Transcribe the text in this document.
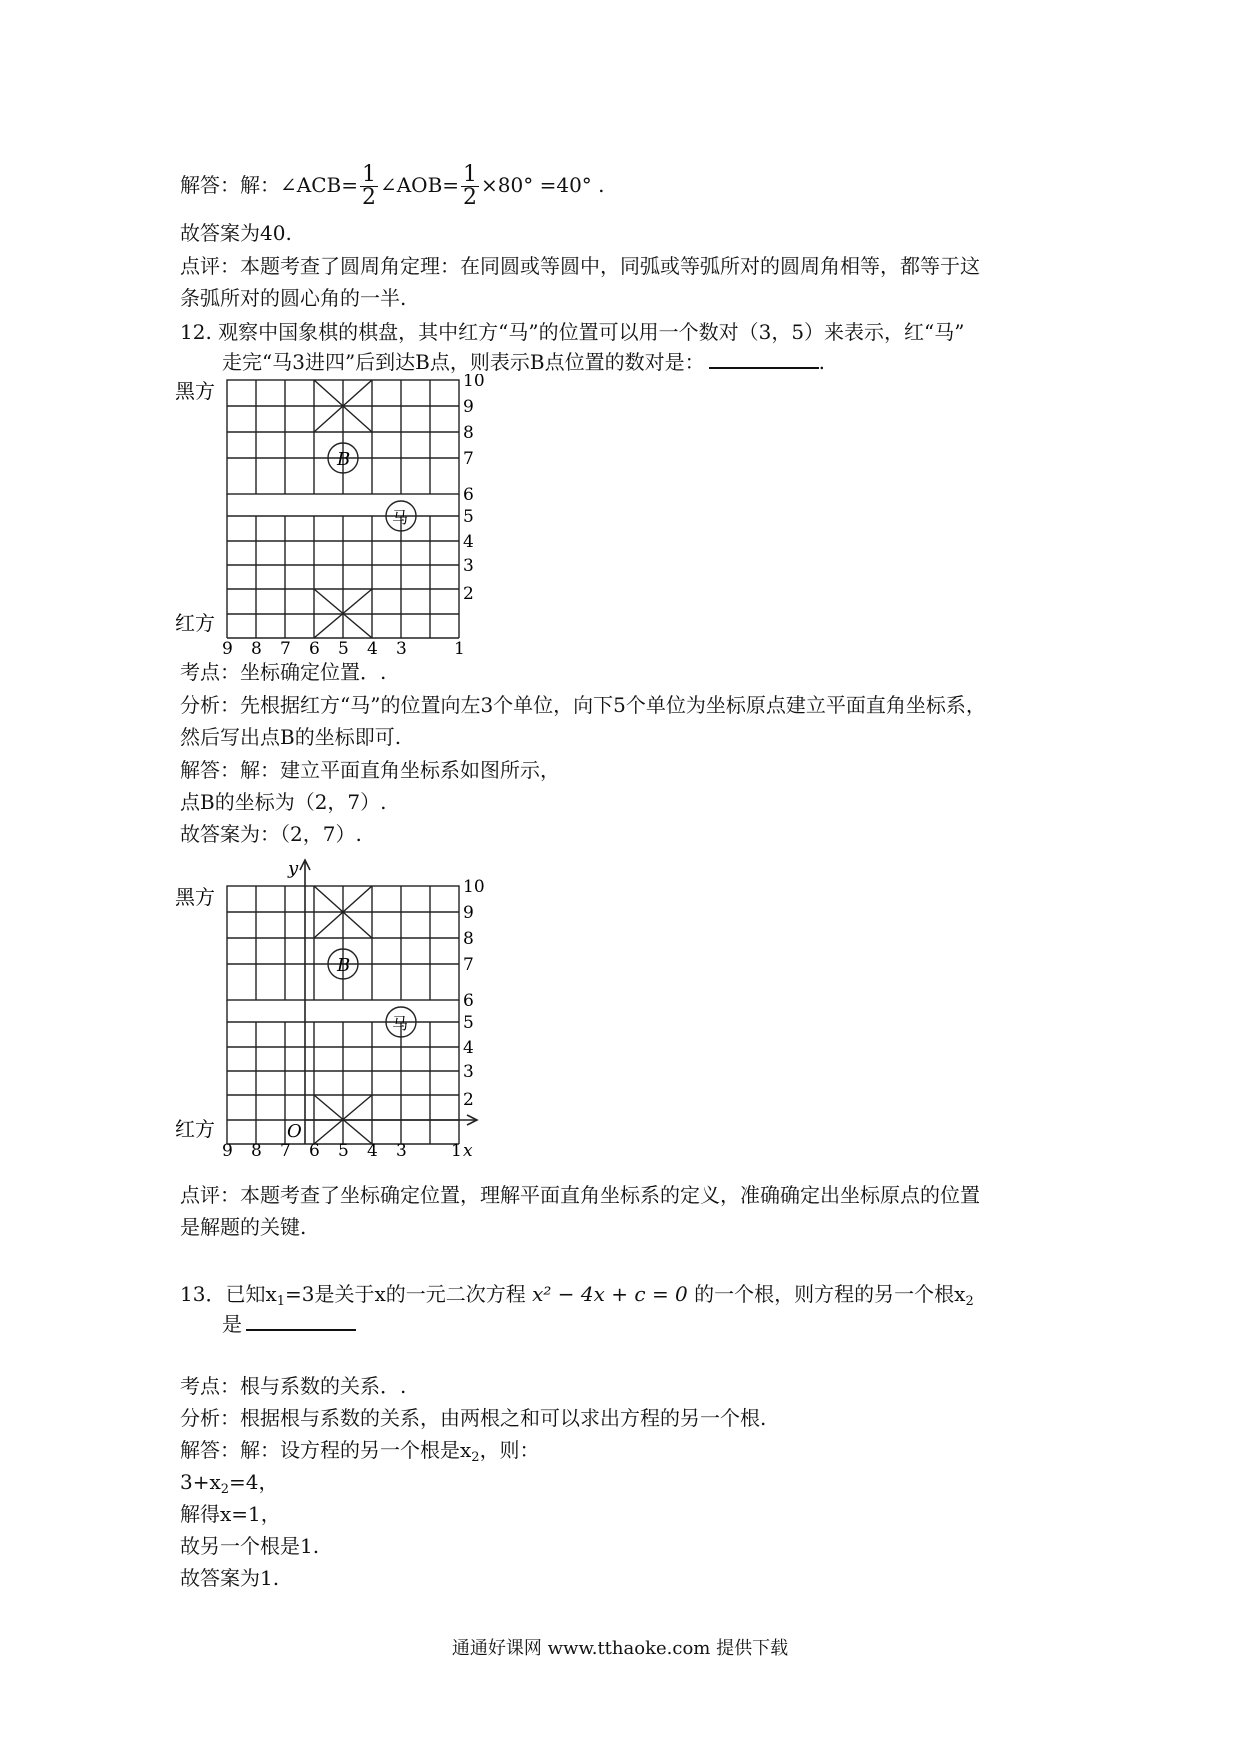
解答：解：∠ACB= $\frac{1}{2}$ ∠AOB= $\frac{1}{2} \times 80^\circ =40^\circ$ .
故答案为40.
点评：本题考查了圆周角定理：在同圆或等圆中，同弧或等弧所对的圆周角相等，都等于这
条弧所对的圆心角的一半.
12. 观察中国象棋的棋盘，其中红方“马”的位置可以用一个数对（3，5）来表示，红“马”
走完“马3进四”后到达B点，则表示B点位置的数对是：	.
B
马
黑方
红方
10
9
8
7
6
5
4
3
2
9 8 7 6 5 4 3	1
考点：坐标确定位置．.
分析：先根据红方“马”的位置向左3个单位，向下5个单位为坐标原点建立平面直角坐标系，
然后写出点B的坐标即可.
解答：解：建立平面直角坐标系如图所示，
点B的坐标为（2，7）.
故答案为：（2，7）.
B
马
y
O
黑方
红方
10
9
8
7
6
5
4
3
2
9 8 7 6 5 4 3	1 x
点评：本题考查了坐标确定位置，理解平面直角坐标系的定义，准确确定出坐标原点的位置
是解题的关键.
13．已知$x_1=3$是关于x的一元二次方程 x² − 4x + c = 0 的一个根，则方程的另一个根$x_2$
是
考点：根与系数的关系．.
分析：根据根与系数的关系，由两根之和可以求出方程的另一个根.
解答：解：设方程的另一个根是$x_2$，则：
$3+x_2=4$，
解得x=1，
故另一个根是1.
故答案为1.
通通好课网 www.tthaoke.com 提供下载
